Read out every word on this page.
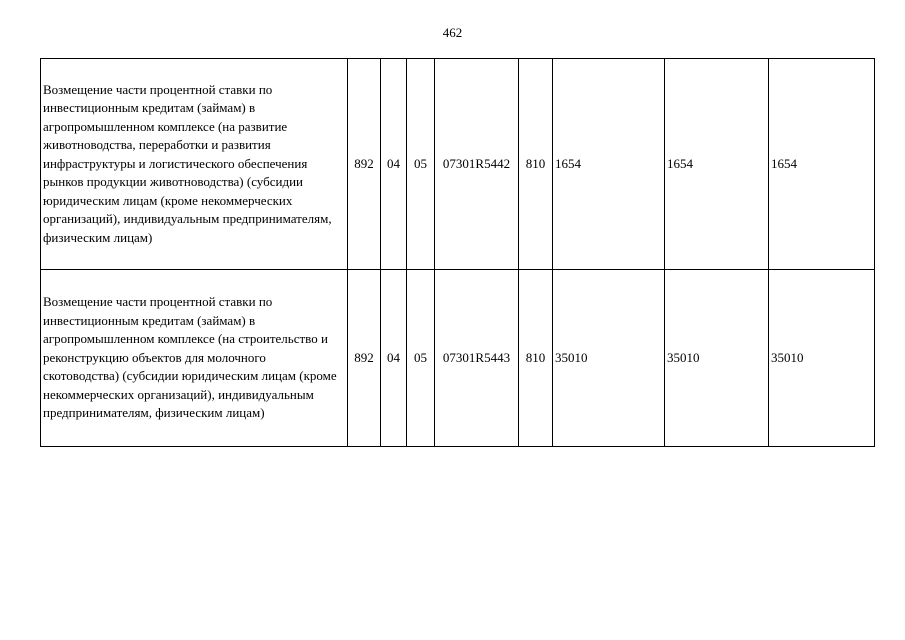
462
Возмещение части процентной ставки по инвестиционным кредитам (займам) в агропромышленном комплексе (на развитие животноводства, переработки и развития инфраструктуры и логистического обеспечения рынков продукции животноводства) (субсидии юридическим лицам (кроме некоммерческих организаций), индивидуальным предпринимателям, физическим лицам)	892	04	05	07301R5442	810	1654	1654	1654
Возмещение части процентной ставки по инвестиционным кредитам (займам) в агропромышленном комплексе (на строительство и реконструкцию объектов для молочного скотоводства) (субсидии юридическим лицам (кроме некоммерческих организаций), индивидуальным предпринимателям, физическим лицам)	892	04	05	07301R5443	810	35010	35010	35010
